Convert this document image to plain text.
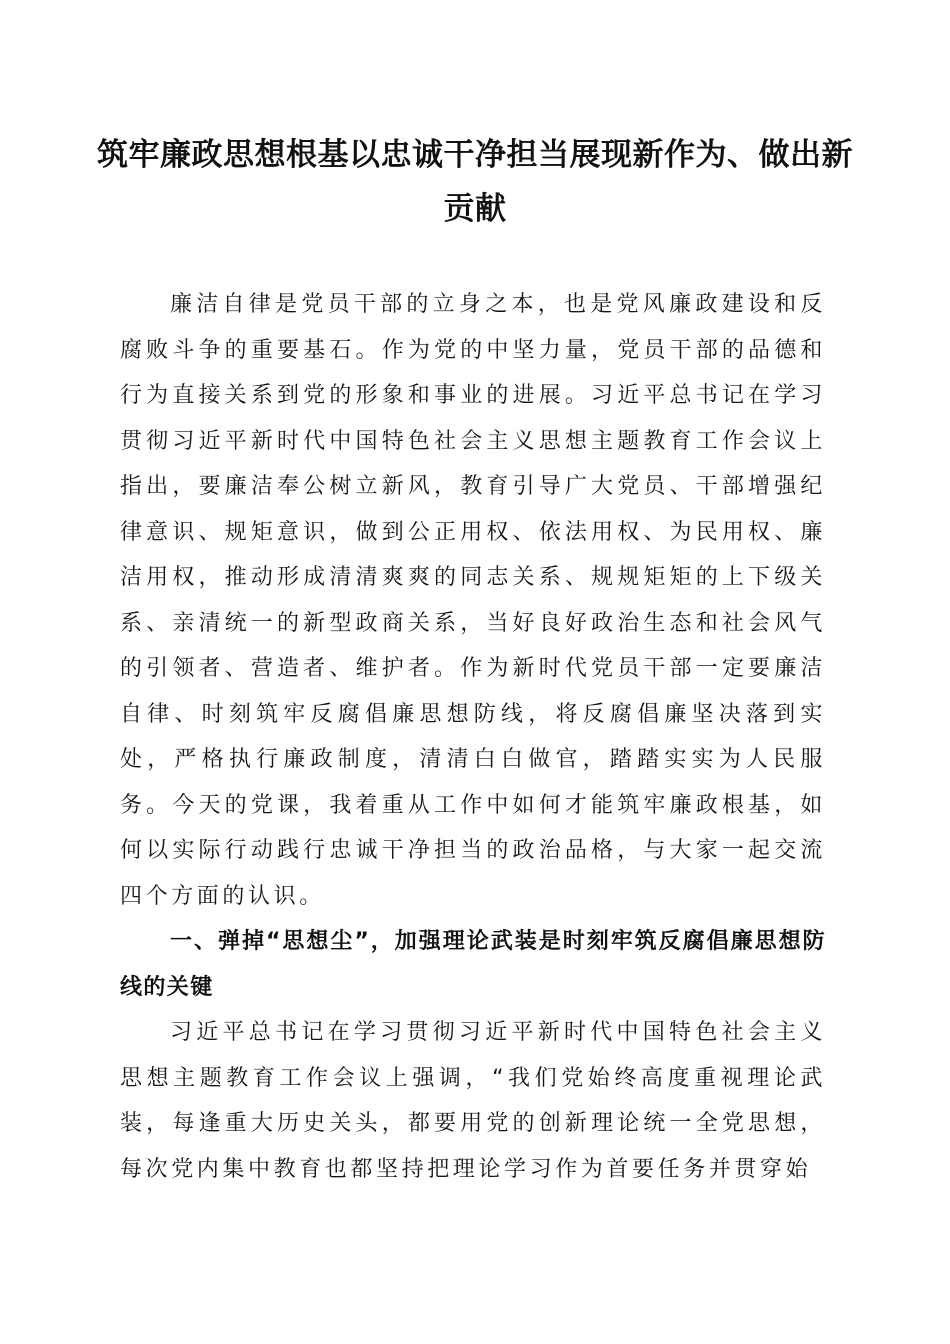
筑牢廉政思想根基以忠诚干净担当展现新作为、做出新贡献

廉洁自律是党员干部的立身之本，也是党风廉政建设和反腐败斗争的重要基石。作为党的中坚力量，党员干部的品德和行为直接关系到党的形象和事业的进展。习近平总书记在学习贯彻习近平新时代中国特色社会主义思想主题教育工作会议上指出，要廉洁奉公树立新风，教育引导广大党员、干部增强纪律意识、规矩意识，做到公正用权、依法用权、为民用权、廉洁用权，推动形成清清爽爽的同志关系、规规矩矩的上下级关系、亲清统一的新型政商关系，当好良好政治生态和社会风气的引领者、营造者、维护者。作为新时代党员干部一定要廉洁自律、时刻筑牢反腐倡廉思想防线，将反腐倡廉坚决落到实处，严格执行廉政制度，清清白白做官，踏踏实实为人民服务。今天的党课，我着重从工作中如何才能筑牢廉政根基，如何以实际行动践行忠诚干净担当的政治品格，与大家一起交流四个方面的认识。

一、弹掉“思想尘”，加强理论武装是时刻牢筑反腐倡廉思想防线的关键

习近平总书记在学习贯彻习近平新时代中国特色社会主义思想主题教育工作会议上强调，“我们党始终高度重视理论武装，每逢重大历史关头，都要用党的创新理论统一全党思想，每次党内集中教育也都坚持把理论学习作为首要任务并贯穿始
